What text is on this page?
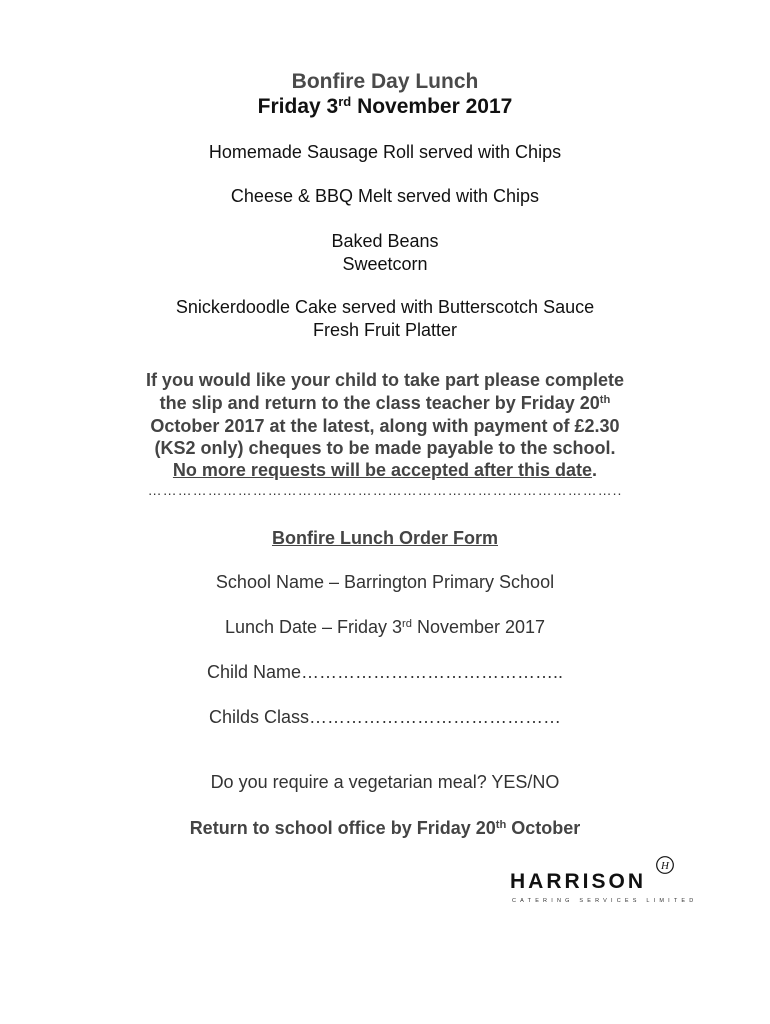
Bonfire Day Lunch
Friday 3rd November 2017
Homemade Sausage Roll served with Chips
Cheese & BBQ Melt served with Chips
Baked Beans
Sweetcorn
Snickerdoodle Cake served with Butterscotch Sauce
Fresh Fruit Platter
If you would like your child to take part please complete
the slip and return to the class teacher by Friday 20th
October 2017 at the latest, along with payment of £2.30
(KS2 only) cheques to be made payable to the school.
No more requests will be accepted after this date.
…………………………………………………………………………………..
Bonfire Lunch Order Form
School Name – Barrington Primary School
Lunch Date – Friday 3rd November 2017
Child Name……………………………………..
Childs Class……………………………………
Do you require a vegetarian meal? YES/NO
Return to school office by Friday 20th October
H
HARRISON
CATERING SERVICES LIMITED
